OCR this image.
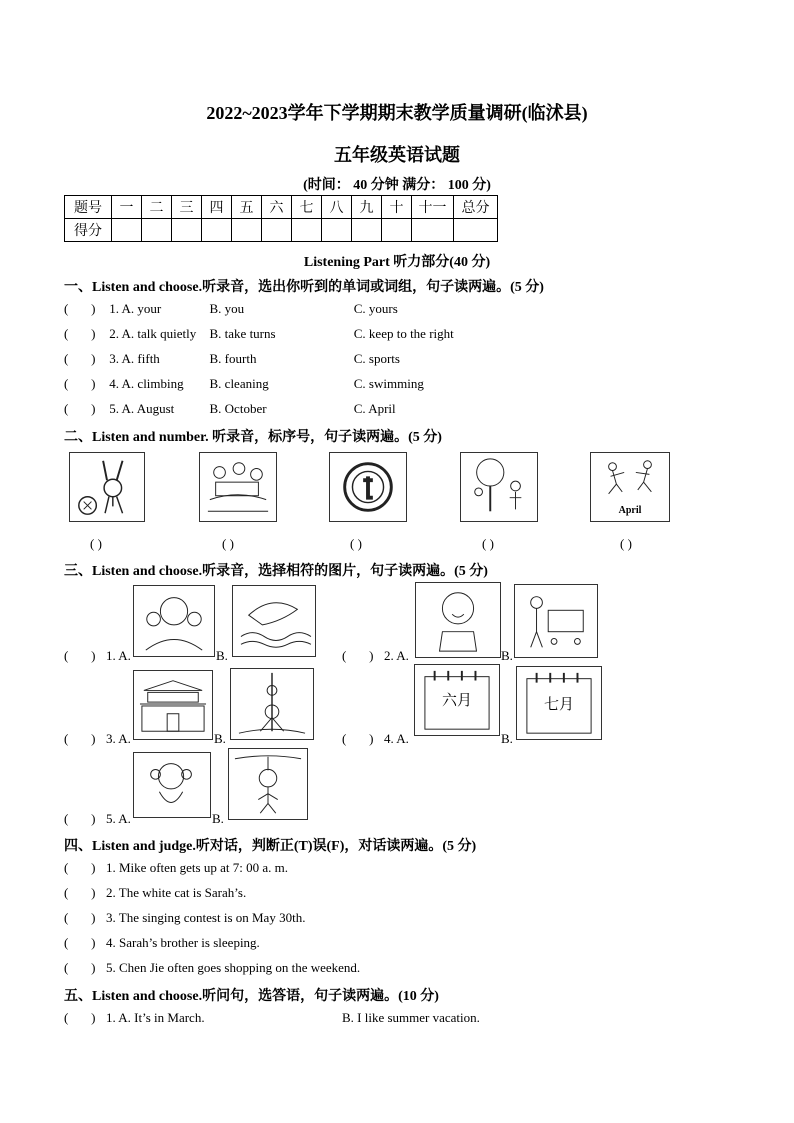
2022~2023学年下学期期末教学质量调研(临沭县)
五年级英语试题
(时间： 40 分钟 满分： 100 分)
题号	一	二	三	四	五	六	七	八	九	十	十一	总分
得分												
Listening Part 听力部分(40 分)
一、Listen and choose.听录音，选出你听到的单词或词组，句子读两遍。(5 分)
(       ) 1. A. your	B. you	C. yours
(       ) 2. A. talk quietly B. take turns	C. keep to the right
(       ) 3. A. fifth	B. fourth	C. sports
(       ) 4. A. climbing B. cleaning	C. swimming
(       ) 5. A. August	B. October	C. April
二、Listen and number. 听录音，标序号，句子读两遍。(5 分)
April
( )	( )	( )	( )	( )
三、Listen and choose.听录音，选择相符的图片，句子读两遍。(5 分)
(       ) 1. A.	B.	(       ) 2. A.	B.
(       ) 3. A.	B.	(       ) 4. A.
六月
B.
七月
(       ) 5. A.	B.
四、Listen and judge.听对话，判断正(T)误(F)，对话读两遍。(5 分)
(       ) 1. Mike often gets up at 7: 00 a. m.
(       ) 2. The white cat is Sarah’s.
(       ) 3. The singing contest is on May 30th.
(       ) 4. Sarah’s brother is sleeping.
(       ) 5. Chen Jie often goes shopping on the weekend.
五、Listen and choose.听问句，选答语，句子读两遍。(10 分)
(       ) 1. A. It’s in March.	B. I like summer vacation.
